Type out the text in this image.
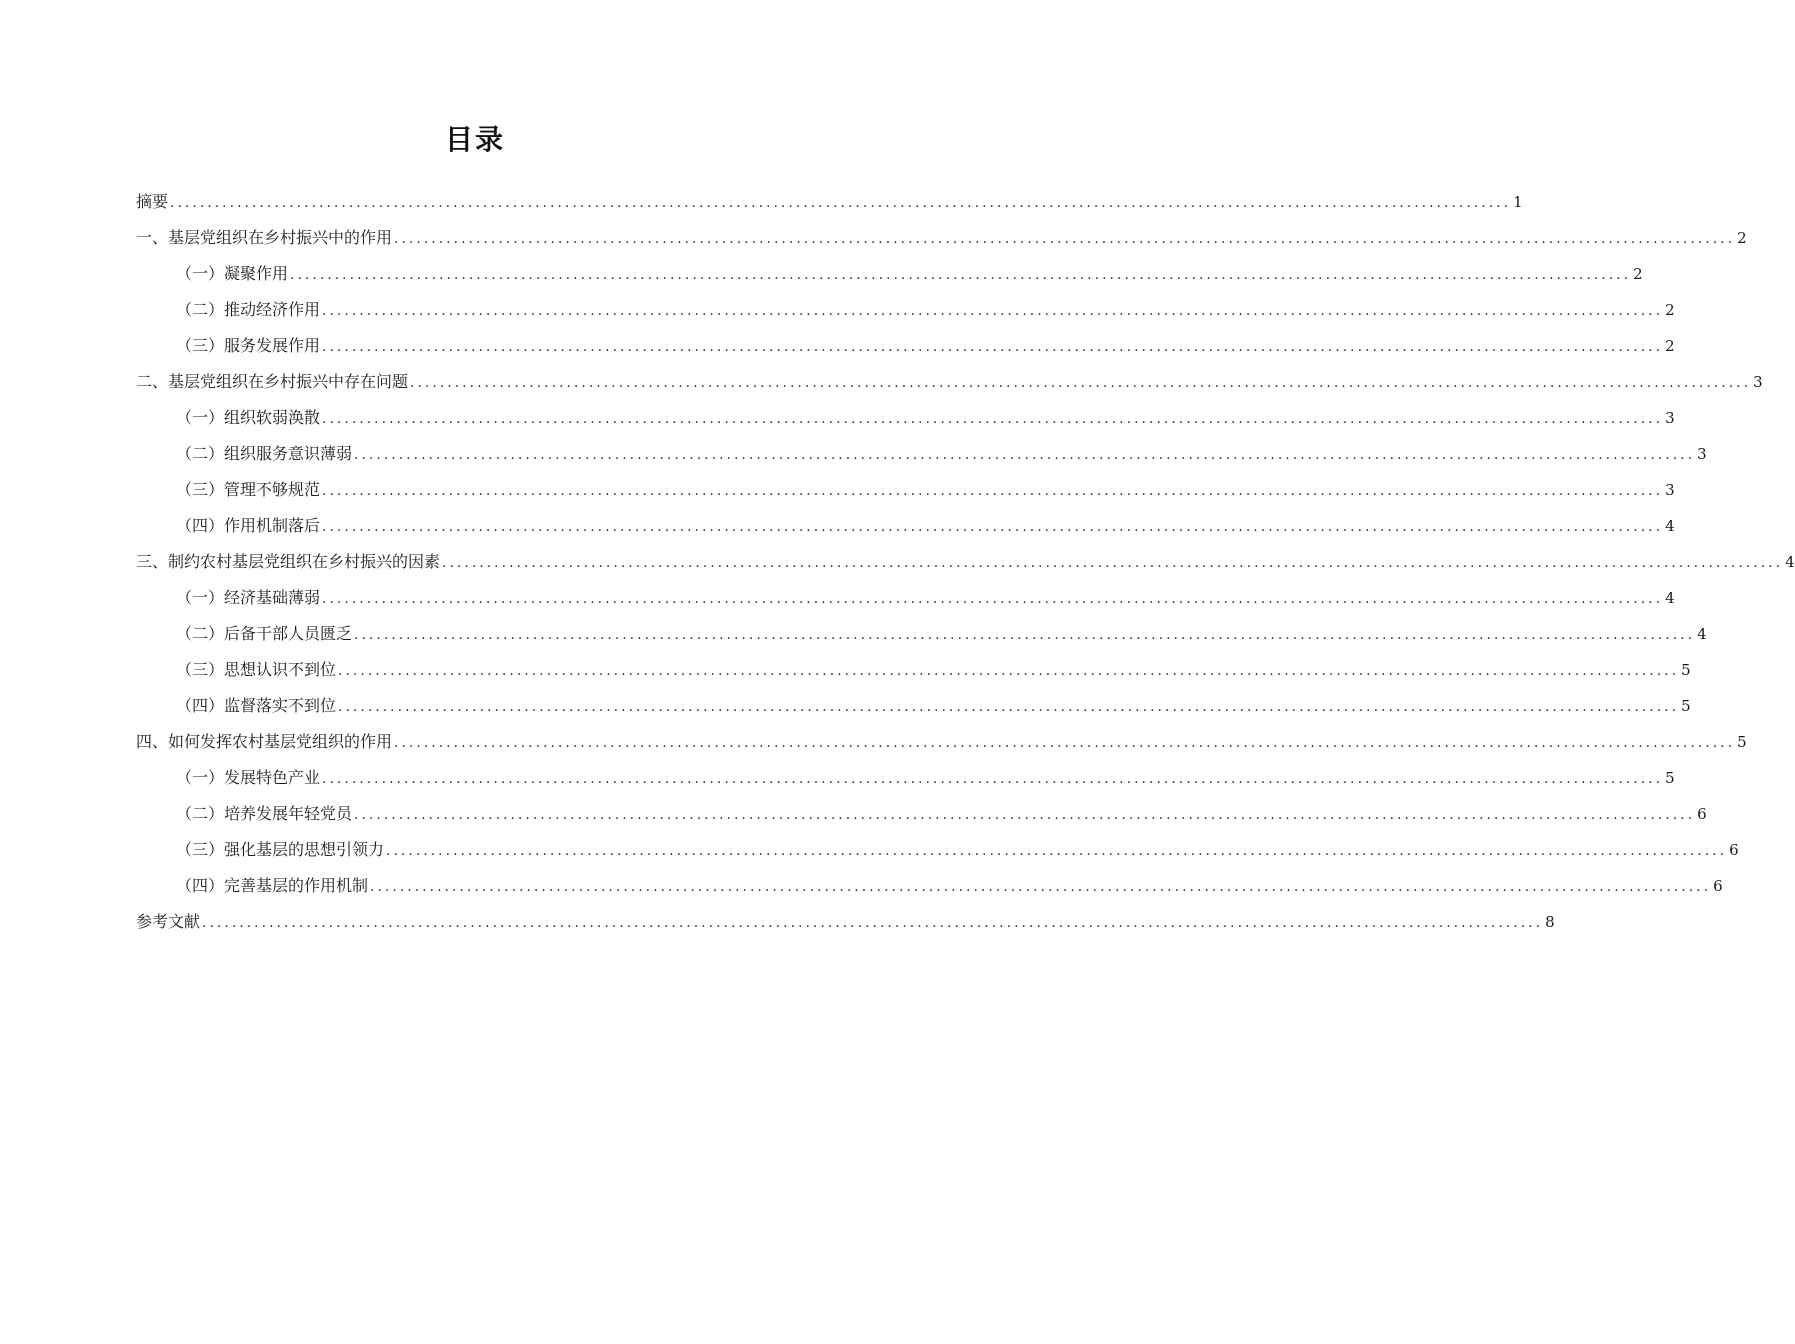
目录
摘要 .................................................................................................................................................................................... 1
一、基层党组织在乡村振兴中的作用 .................................................................................................................................................................................... 2
（一）凝聚作用 .................................................................................................................................................................................... 2
（二）推动经济作用 .................................................................................................................................................................................... 2
（三）服务发展作用 .................................................................................................................................................................................... 2
二、基层党组织在乡村振兴中存在问题 .................................................................................................................................................................................... 3
（一）组织软弱涣散 .................................................................................................................................................................................... 3
（二）组织服务意识薄弱 .................................................................................................................................................................................... 3
（三）管理不够规范 .................................................................................................................................................................................... 3
（四）作用机制落后 .................................................................................................................................................................................... 4
三、制约农村基层党组织在乡村振兴的因素 .................................................................................................................................................................................... 4
（一）经济基础薄弱 .................................................................................................................................................................................... 4
（二）后备干部人员匮乏 .................................................................................................................................................................................... 4
（三）思想认识不到位 .................................................................................................................................................................................... 5
（四）监督落实不到位 .................................................................................................................................................................................... 5
四、如何发挥农村基层党组织的作用 .................................................................................................................................................................................... 5
（一）发展特色产业 .................................................................................................................................................................................... 5
（二）培养发展年轻党员 .................................................................................................................................................................................... 6
（三）强化基层的思想引领力 .................................................................................................................................................................................... 6
（四）完善基层的作用机制 .................................................................................................................................................................................... 6
参考文献 .................................................................................................................................................................................... 8
